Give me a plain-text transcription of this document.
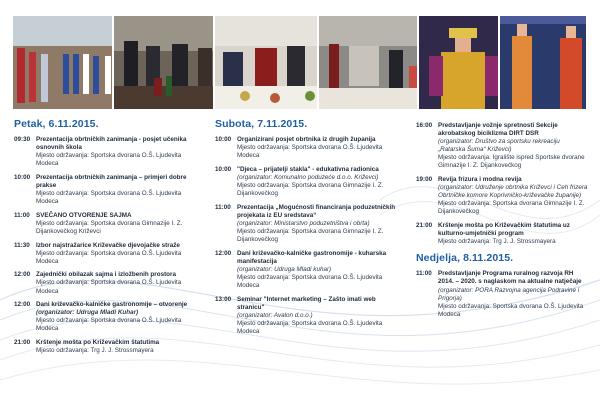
Petak, 6.11.2015.
09:30 Prezentacija obrtničkih zanimanja - posjet učenika osnovnih škola
Mjesto održavanja: Sportska dvorana O.Š. Ljudevita Modeca
10:00 Prezentacija obrtničkih zanimanja – primjeri dobre prakse
Mjesto održavanja: Sportska dvorana O.Š. Ljudevita Modeca
11:00 SVEČANO OTVORENJE SAJMA
Mjesto održavanja: Sportska dvorana Gimnazije I. Z. Dijankovečkog Križevci
11:30 Izbor najstražarice Križevačke djevojačke straže
Mjesto održavanja: Sportska dvorana O.Š. Ljudevita Modeca
12:00 Zajednički obilazak sajma i izložbenih prostora
Mjesto održavanja: Sportska dvorana O.Š. Ljudevita Modeca
12:00 Dani križevačko-kalničke gastronomije – otvorenje (organizator: Udruga Mladi Kuhar)
Mjesto održavanja: Sportska dvorana O.Š. Ljudevita Modeca
21:00 Krštenje mošta po Križevačkim štatutima
Mjesto održavanja: Trg J. J. Strossmayera
Subota, 7.11.2015.
10:00 Organizirani posjet obrtnika iz drugih županija
Mjesto održavanja: Sportska dvorana O.Š. Ljudevita Modeca
10:00 "Djeca – prijatelji stakla" - edukativna radionica
(organizator: Komunalno poduzeće d.o.o. Križevci)
Mjesto održavanja: Sportska dvorana Gimnazije I. Z. Dijankovečkog
11:00 Prezentacija „Mogućnosti financiranja poduzetničkih projekata iz EU sredstava“
(organizator: Ministarstvo poduzetništva i obrta)
Mjesto održavanja: Sportska dvorana Gimnazije I. Z. Dijankovečkog
12:00 Dani križevačko-kalničke gastronomije - kuharska manifestacija
(organizator: Udruga Mladi kuhar)
Mjesto održavanja: Sportska dvorana O.Š. Ljudevita Modeca
13:00 Seminar "Internet marketing – Zašto imati web stranicu"
(organizator: Avalon d.o.o.)
Mjesto održavanja: Sportska dvorana O.Š. Ljudevita Modeca
16:00 Predstavljanje vožnje spretnosti Sekcije akrobatskog biciklizma DIRT DSR
(organizator: Društvo za sportsku rekreaciju „Ratarska Šuma“ Križevci)
Mjesto održavanja: Igralište ispred Sportske dvorane Gimnazije I. Z. Dijankovečkog
19:00 Revija frizura i modna revija
(organizator: Udruženje obrtnika Križevci i Ceh frizera Obrtničke komore Koprivničko-križevačke županije)
Mjesto održavanja: Sportska dvorana Gimnazije I. Z. Dijankovečkog
21:00 Krštenje mošta po Križevačkim štatutima uz kulturno-umjetnički program
Mjesto održavanja: Trg J. J. Strossmayera
Nedjelja, 8.11.2015.
11:00 Predstavljanje Programa ruralnog razvoja RH 2014. – 2020. s naglaskom na aktualne natječaje
(organizator: PORA Razvojna agencija Podravine i Prigorja)
Mjesto održavanja: Sportska dvorana O.Š. Ljudevita Modeca
